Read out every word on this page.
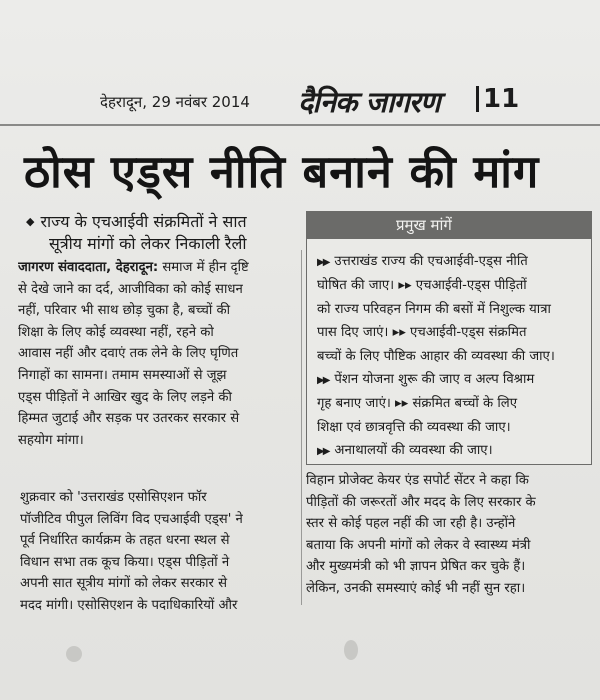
देहरादून, 29 नवंबर 2014 दैनिक जागरण 11
ठोस एड्स नीति बनाने की मांग
◆ राज्य के एचआईवी संक्रमितों ने सात
सूत्रीय मांगों को लेकर निकाली रैली
जागरण संवाददाता, देहरादून: समाज में हीन दृष्टि
से देखे जाने का दर्द, आजीविका को कोई साधन
नहीं, परिवार भी साथ छोड़ चुका है, बच्चों की
शिक्षा के लिए कोई व्यवस्था नहीं, रहने को
आवास नहीं और दवाएं तक लेने के लिए घृणित
निगाहों का सामना। तमाम समस्याओं से जूझ
एड्स पीड़ितों ने आखिर खुद के लिए लड़ने की
हिम्मत जुटाई और सड़क पर उतरकर सरकार से
सहयोग मांगा।
शुक्रवार को 'उत्तराखंड एसोसिएशन फॉर
पॉजीटिव पीपुल लिविंग विद एचआईवी एड्स' ने
पूर्व निर्धारित कार्यक्रम के तहत धरना स्थल से
विधान सभा तक कूच किया। एड्स पीड़ितों ने
अपनी सात सूत्रीय मांगों को लेकर सरकार से
मदद मांगी। एसोसिएशन के पदाधिकारियों और
प्रमुख मांगें
▶▶ उत्तराखंड राज्य की एचआईवी-एड्स नीति
घोषित की जाए। ▸▸ एचआईवी-एड्स पीड़ितों
को राज्य परिवहन निगम की बसों में निशुल्क यात्रा
पास दिए जाएं। ▸▸ एचआईवी-एड्स संक्रमित
बच्चों के लिए पौष्टिक आहार की व्यवस्था की जाए।
▶▶ पेंशन योजना शुरू की जाए व अल्प विश्राम
गृह बनाए जाएं। ▸▸ संक्रमित बच्चों के लिए
शिक्षा एवं छात्रवृत्ति की व्यवस्था की जाए।
▶▶ अनाथालयों की व्यवस्था की जाए।
विहान प्रोजेक्ट केयर एंड सपोर्ट सेंटर ने कहा कि
पीड़ितों की जरूरतों और मदद के लिए सरकार के
स्तर से कोई पहल नहीं की जा रही है। उन्होंने
बताया कि अपनी मांगों को लेकर वे स्वास्थ्य मंत्री
और मुख्यमंत्री को भी ज्ञापन प्रेषित कर चुके हैं।
लेकिन, उनकी समस्याएं कोई भी नहीं सुन रहा।
